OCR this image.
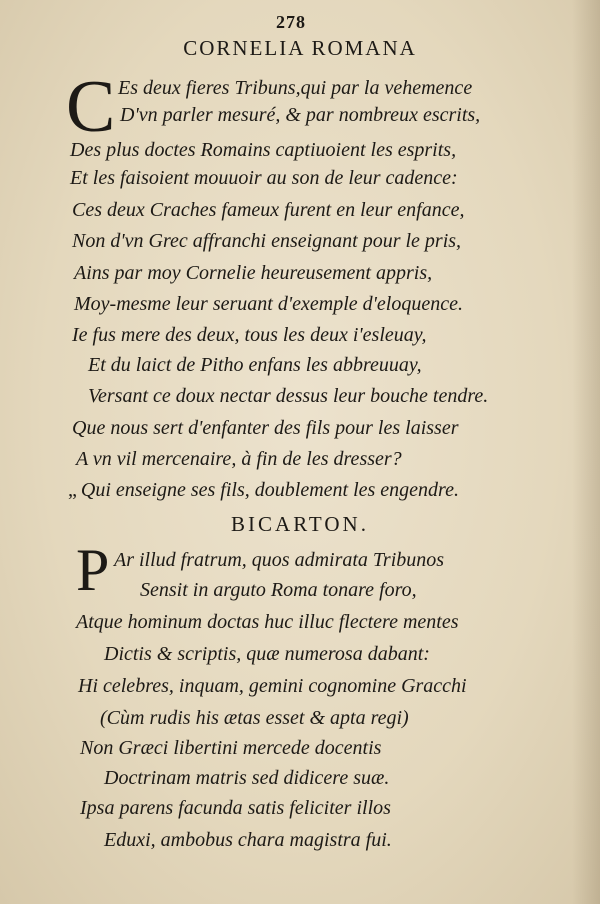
278
CORNELIA ROMANA
C Es deux fieres Tribuns,qui par la vehemence
D'vn parler mesuré, & par nombreux escrits,
Des plus doctes Romains captiuoient les esprits,
Et les faisoient mouuoir au son de leur cadence:
Ces deux Craches fameux furent en leur enfance,
Non d'vn Grec affranchi enseignant pour le pris,
Ains par moy Cornelie heureusement appris,
Moy-mesme leur seruant d'exemple d'eloquence.
Ie fus mere des deux, tous les deux i'esleuay,
Et du laict de Pitho enfans les abbreuuay,
Versant ce doux nectar dessus leur bouche tendre.
Que nous sert d'enfanter des fils pour les laisser
A vn vil mercenaire, à fin de les dresser?
„ Qui enseigne ses fils, doublement les engendre.
BICARTON.
P Ar illud fratrum, quos admirata Tribunos
Sensit in arguto Roma tonare foro,
Atque hominum doctas huc illuc flectere mentes
Dictis & scriptis, quæ numerosa dabant:
Hi celebres, inquam, gemini cognomine Gracchi
(Cùm rudis his ætas esset & apta regi)
Non Græci libertini mercede docentis
Doctrinam matris sed didicere suæ.
Ipsa parens facunda satis feliciter illos
Eduxi, ambobus chara magistra fui.
